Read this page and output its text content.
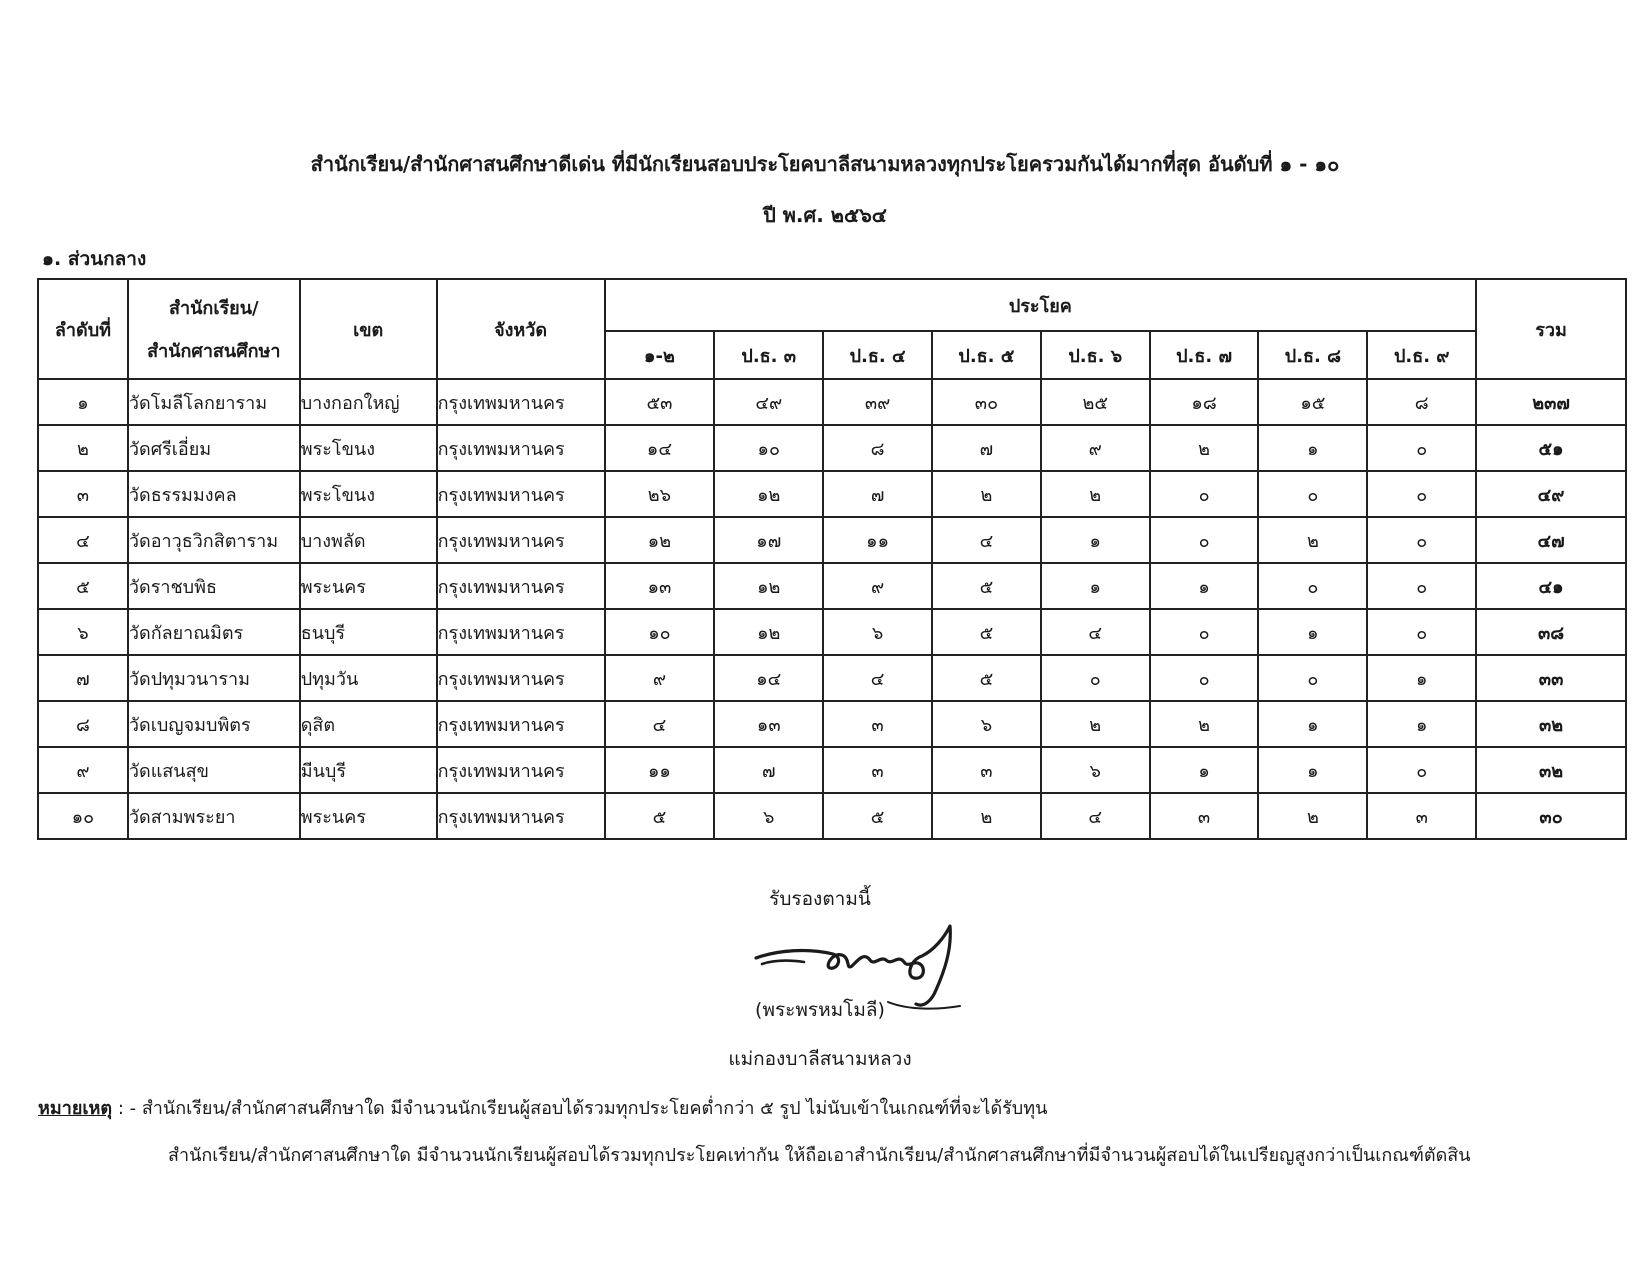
สำนักเรียน/สำนักศาสนศึกษาดีเด่น ที่มีนักเรียนสอบประโยคบาลีสนามหลวงทุกประโยครวมกันได้มากที่สุด อันดับที่ ๑ - ๑๐
ปี พ.ศ. ๒๕๖๔
๑. ส่วนกลาง
ลำดับที่	สำนักเรียน/
สำนักศาสนศึกษา	เขต	จังหวัด	ประโยค								รวม
				๑-๒	ป.ธ. ๓	ป.ธ. ๔	ป.ธ. ๕	ป.ธ. ๖	ป.ธ. ๗	ป.ธ. ๘	ป.ธ. ๙	
๑	วัดโมลีโลกยาราม	บางกอกใหญ่	กรุงเทพมหานคร	๕๓	๔๙	๓๙	๓๐	๒๕	๑๘	๑๕	๘	๒๓๗
๒	วัดศรีเอี่ยม	พระโขนง	กรุงเทพมหานคร	๑๔	๑๐	๘	๗	๙	๒	๑	๐	๕๑
๓	วัดธรรมมงคล	พระโขนง	กรุงเทพมหานคร	๒๖	๑๒	๗	๒	๒	๐	๐	๐	๔๙
๔	วัดอาวุธวิกสิตาราม	บางพลัด	กรุงเทพมหานคร	๑๒	๑๗	๑๑	๔	๑	๐	๒	๐	๔๗
๕	วัดราชบพิธ	พระนคร	กรุงเทพมหานคร	๑๓	๑๒	๙	๕	๑	๑	๐	๐	๔๑
๖	วัดกัลยาณมิตร	ธนบุรี	กรุงเทพมหานคร	๑๐	๑๒	๖	๕	๔	๐	๑	๐	๓๘
๗	วัดปทุมวนาราม	ปทุมวัน	กรุงเทพมหานคร	๙	๑๔	๔	๕	๐	๐	๐	๑	๓๓
๘	วัดเบญจมบพิตร	ดุสิต	กรุงเทพมหานคร	๔	๑๓	๓	๖	๒	๒	๑	๑	๓๒
๙	วัดแสนสุข	มีนบุรี	กรุงเทพมหานคร	๑๑	๗	๓	๓	๖	๑	๑	๐	๓๒
๑๐	วัดสามพระยา	พระนคร	กรุงเทพมหานคร	๕	๖	๕	๒	๔	๓	๒	๓	๓๐
รับรองตามนี้
(พระพรหมโมลี)
แม่กองบาลีสนามหลวง
หมายเหตุ : - สำนักเรียน/สำนักศาสนศึกษาใด มีจำนวนนักเรียนผู้สอบได้รวมทุกประโยคต่ำกว่า ๕ รูป ไม่นับเข้าในเกณฑ์ที่จะได้รับทุน
สำนักเรียน/สำนักศาสนศึกษาใด มีจำนวนนักเรียนผู้สอบได้รวมทุกประโยคเท่ากัน ให้ถือเอาสำนักเรียน/สำนักศาสนศึกษาที่มีจำนวนผู้สอบได้ในเปรียญสูงกว่าเป็นเกณฑ์ตัดสิน
